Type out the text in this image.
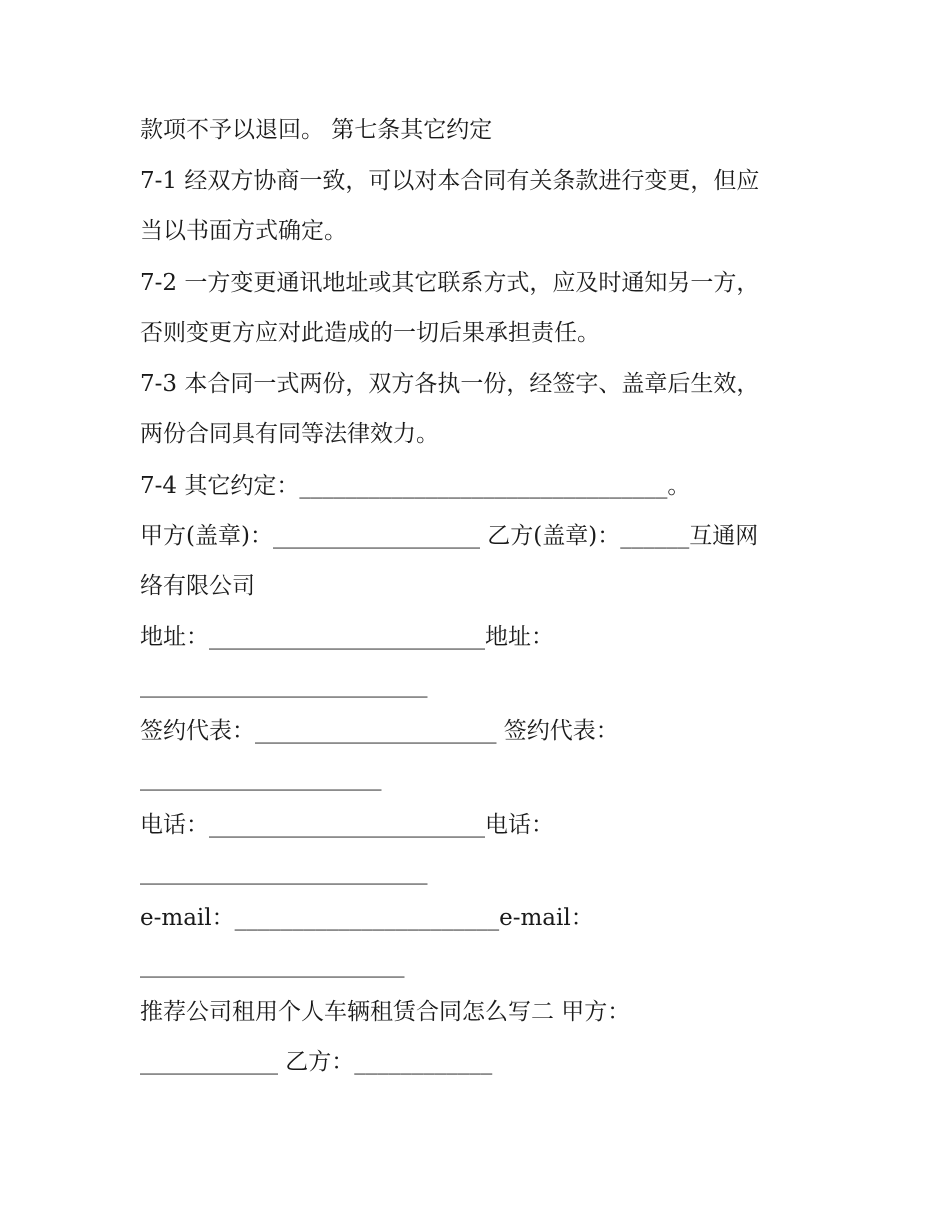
款项不予以退回。 第七条其它约定
7-1 经双方协商一致，可以对本合同有关条款进行变更，但应
当以书面方式确定。
7-2 一方变更通讯地址或其它联系方式，应及时通知另一方，
否则变更方应对此造成的一切后果承担责任。
7-3 本合同一式两份，双方各执一份，经签字、盖章后生效，
两份合同具有同等法律效力。
7-4 其它约定：________________________________。
甲方(盖章)：__________________ 乙方(盖章)：______互通网
络有限公司
地址：________________________地址：
_________________________
签约代表：_____________________ 签约代表：
_____________________
电话：________________________电话：
_________________________
e-mail：_______________________e-mail：
_______________________
推荐公司租用个人车辆租赁合同怎么写二 甲方：
____________ 乙方：____________
